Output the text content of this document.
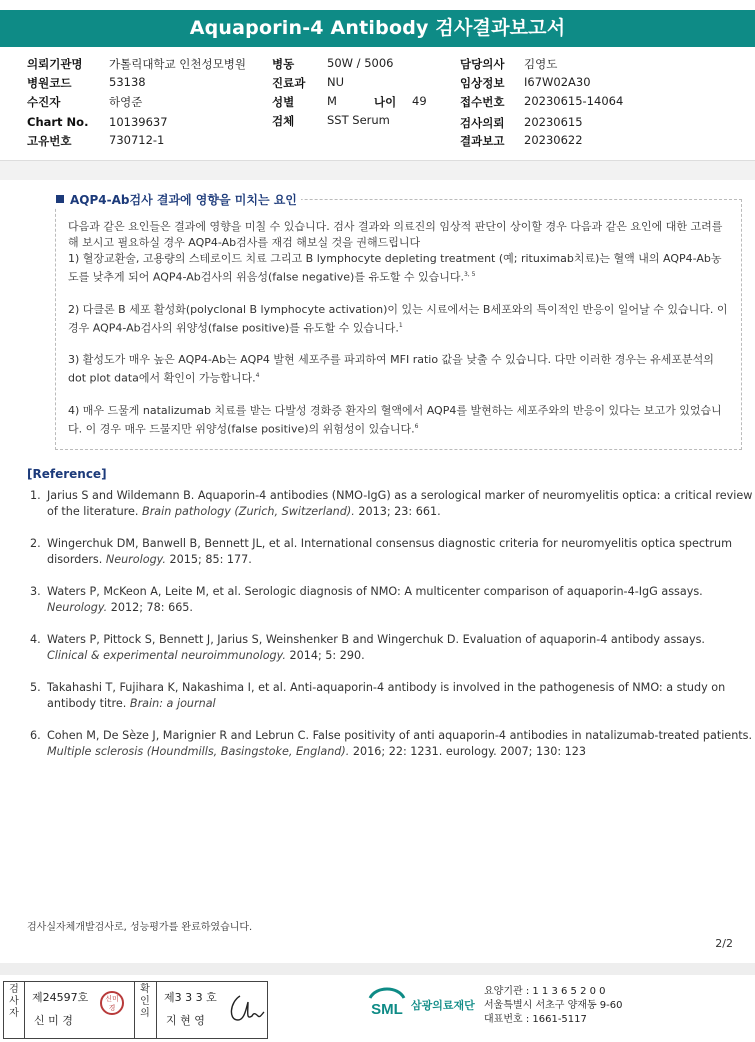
Aquaporin-4 Antibody 검사결과보고서
의뢰기관명 가톨릭대학교 인천성모병원
병원코드	53138
수진자	하영준
Chart No. 10139637
고유번호	730712-1
병동	50W / 5006
진료과 NU
성별	M	나이 49
검체	SST Serum
담당의사 김영도
임상정보 I67W02A30
접수번호 20230615-14064
검사의뢰 20230615
결과보고 20230622
AQP4-Ab검사 결과에 영향을 미치는 요인

다음과 같은 요인들은 결과에 영향을 미칠 수 있습니다. 검사 결과와 의료진의 임상적 판단이 상이할 경우 다음과 같은 요인에 대한 고려를 해 보시고 필요하실 경우 AQP4-Ab검사를 재검 해보실 것을 권해드립니다

1) 혈장교환술, 고용량의 스테로이드 치료 그리고 B lymphocyte depleting treatment (예; rituximab치료)는 혈액 내의 AQP4-Ab농도를 낮추게 되어 AQP4-Ab검사의 위음성(false negative)를 유도할 수 있습니다.$^{3, 5}$

2) 다클론 B 세포 활성화(polyclonal B lymphocyte activation)이 있는 시료에서는 B세포와의 특이적인 반응이 일어날 수 있습니다. 이 경우 AQP4-Ab검사의 위양성(false positive)를 유도할 수 있습니다.$^1$

3) 활성도가 매우 높은 AQP4-Ab는 AQP4 발현 세포주를 파괴하여 MFI ratio 값을 낮출 수 있습니다. 다만 이러한 경우는 유세포분석의 dot plot data에서 확인이 가능합니다.$^4$

4) 매우 드물게 natalizumab 치료를 받는 다발성 경화증 환자의 혈액에서 AQP4를 발현하는 세포주와의 반응이 있다는 보고가 있었습니다. 이 경우 매우 드물지만 위양성(false positive)의 위험성이 있습니다.$^6$

[Reference]
1. Jarius S and Wildemann B. Aquaporin-4 antibodies (NMO-IgG) as a serological marker of neuromyelitis optica: a critical review of the literature. Brain pathology (Zurich, Switzerland). 2013; 23: 661.
2. Wingerchuk DM, Banwell B, Bennett JL, et al. International consensus diagnostic criteria for neuromyelitis optica spectrum disorders. Neurology. 2015; 85: 177.
3. Waters P, McKeon A, Leite M, et al. Serologic diagnosis of NMO: A multicenter comparison of aquaporin-4-IgG assays.
Neurology. 2012; 78: 665.
4. Waters P, Pittock S, Bennett J, Jarius S, Weinshenker B and Wingerchuk D. Evaluation of aquaporin-4 antibody assays.
Clinical & experimental neuroimmunology. 2014; 5: 290.
5. Takahashi T, Fujihara K, Nakashima I, et al. Anti-aquaporin-4 antibody is involved in the pathogenesis of NMO: a study on antibody titre. Brain: a journal
6. Cohen M, De Sèze J, Marignier R and Lebrun C. False positivity of anti aquaporin-4 antibodies in natalizumab-treated patients.
Multiple sclerosis (Houndmills, Basingstoke, England). 2016; 22: 1231. eurology. 2007; 130: 123
검사실자체개발검사로, 성능평가를 완료하였습니다.
2/2
검사자
제24597호
신 미 경
신미경
확인의
제3 3 3 호
지 현 영
SML 삼광의료재단
요양기관 : 1 1 3 6 5 2 0 0
서울특별시 서초구 양재동 9-60
대표번호 : 1661-5117
